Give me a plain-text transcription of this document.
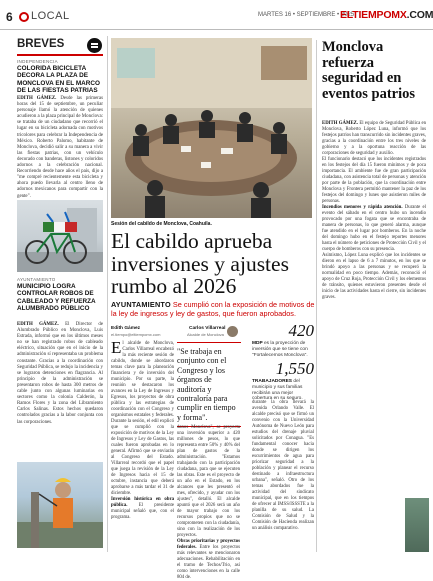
6 LOCAL	MARTES 16 • SEPTIEMBRE • 2025
ELTIEMPOMX.COM
BREVES
INDEPENDENCIA
COLORIDA BICICLETA DECORA LA PLAZA DE MONCLOVA EN EL MARCO DE LAS FIESTAS PATRIAS
EDITH GÁMEZ. Desde las primeras horas del 15 de septiembre, un peculiar personaje llamó la atención de quienes acudieron a la plaza principal de Monclova: se trataba de un ciudadano que recorrió el lugar en su bicicleta adornada con motivos tricolores para celebrar la Independencia de México. Roberto Palomo, habitante de Monclova, decidió salir a su manera a vivir las fiestas patrias, con un vehículo decorado con banderas, listones y coloridos adornos a la celebración nacional. Recorriendo desde hace años el país, dijo a "me compré recientemente esta bicicleta y ahora puedo llevarla al centro lleno de adornos mexicanos para compartir con la gente".
AYUNTAMIENTO
MUNICIPIO LOGRA CONTROLAR ROBOS DE CABLEADO Y REFUERZA ALUMBRADO PÚBLICO
EDITH GÁMEZ. El Director de Alumbrado Público en Monclova, Luis Estrada, informó que en los últimos meses no se han registrado robos de cableado eléctrico, situación que en el inicio de la administración sí representaba un problema constante. Gracias a la coordinación con Seguridad Pública, se redujo la incidencia y se lograron detenciones en flagrancia. Al principio de la administración se presentaron robos de hasta 300 metros de cable junto con algunas luminarias en sectores como la colonia Calderón, la Ramos Flores y la zona del Libramiento Carlos Salinas. Estos hechos quedaron controlados gracias a la labor conjunta con las corporaciones.
Sesión del cabildo de Monclova, Coahuila.
El cabildo aprueba inversiones y ajustes rumbo al 2026
AYUNTAMIENTO Se cumplió con la exposición de motivos de la ley de ingresos y ley de gastos, que fueron aprobados.
Edith Gámez
el.tiempo@eltiempomx.com
Carlos Villarreal
Alcalde de Monclova
El alcalde de Monclova, Carlos Villarreal encabezó la más reciente sesión de cabildo, donde se abordaron temas clave para la planeación financiera y de inversión del municipio. Por su parte, la reunión se destacaron los avances en la Ley de Ingresos y Egresos, los proyectos de obra pública y las estrategias de coordinación con el Congreso y organismos estatales y federales. Durante la sesión, el edil explicó que se cumplió con la exposición de motivos de la Ley de Ingresos y Ley de Gastos, las cuales fueron aprobadas en lo general. Afirmó que se enviarán al Congreso del Estado. Villarreal recordó que el papel que juega la revisión de la Ley de Ingresos hacia el 15 de octubre, instancia que deberá aprobarse a más tardar el 31 de diciembre.
Inversión histórica en obra pública. El presidente municipal señaló que, con el programa.
"Se trabaja en conjunto con el Congreso y los órganos de auditoría y contraloría para cumplir en tiempo y forma".
danos Monclova", se proyecta una inversión superior a 420 millones de pesos, lo que representa entre 50% y 40% del plan de gastos de la administración. "Estamos trabajando con la participación ciudadana, para que se ejecuten las obras. Este es el proyecto de un año en el Estado, en los alcances que les presentó el mes, ofrecido, y ayudar con los ajustes", detalló. El alcalde apuntó que el 2026 será un año de mayor trabajo con los recursos propios que no se comprometen con la ciudadanía, sino con la realización de los proyectos.
Obras prioritarias y proyectos federales. Entre los proyectos más relevantes se mencionaron adecuaciones. Rehabilitación en el tramo de Techos/Trio, así como intervenciones en la calle 804 de.
420
MDP es la proyección de inversión que se tiene con "Fortalecemos Monclova".
1,550
TRABAJADORES del municipio y sus familias recibirán una mejor cobertura en su seguro.
durante la obra llevará la avenida Orlando Valle. El alcalde precisó que se firmó un convenio con la Universidad Autónoma de Nuevo León para estudios del drenaje pluvial solicitados por Conagua. "Es fundamental conocer hacia donde se dirigen los escurrimientos de agua para priorizar seguridad a la población y planear el recurso destinado a infraestructura urbana", señaló. Otro de los temas abordados fue la actividad del sindicato municipal, que en los tiempos de ofrecer al IMSS/ISSSTE a la planilla de su salud. La Comisión de Salud y la Comisión de Hacienda realizan un análisis comparativo.
Monclova refuerza seguridad en eventos patrios
EDITH GÁMEZ. El equipo de Seguridad Pública en Monclova, Roberto López Luna, informó que los festejos patrios han transcurrido sin incidentes graves, gracias a la coordinación entre los tres niveles de gobierno y a la oportuna reacción de las corporaciones de seguridad y auxilio.
El funcionario destacó que los incidentes registrados en los festejos del día 15 fueron mínimos y de poca importancia. El ambiente fue de gran participación ciudadana, con asistencia total de personas y atención por parte de la población, que la coordinación entre Monclova y Frontera permitió mantener la paz de los festejos del domingo y lunes que asistieron miles de personas.
Incendios menores y rápida atención. Durante el evento del sábado en el centro hubo un incendio provocado por una fogata que se encontraba de manera de personas, lo que generó alarma, aunque fue atendido en el lugar por bomberos. En la noche del domingo hubo en el festejo reportes menores hasta el número de peticiones de Protección Civil y el cuerpo de bomberos con su presencia.
Asimismo, López Luna explicó que los incidentes se dieron en el lapso de 6 a 7 minutos, en los que se brindó apoyo a las personas y se recuperó la normalidad en poco tiempo. Además, reconoció el apoyo de Cruz Roja, Protección Civil y los elementos de tránsito, quienes estuvieron presentes desde el inicio de las actividades hasta el cierre, sin incidentes graves.
